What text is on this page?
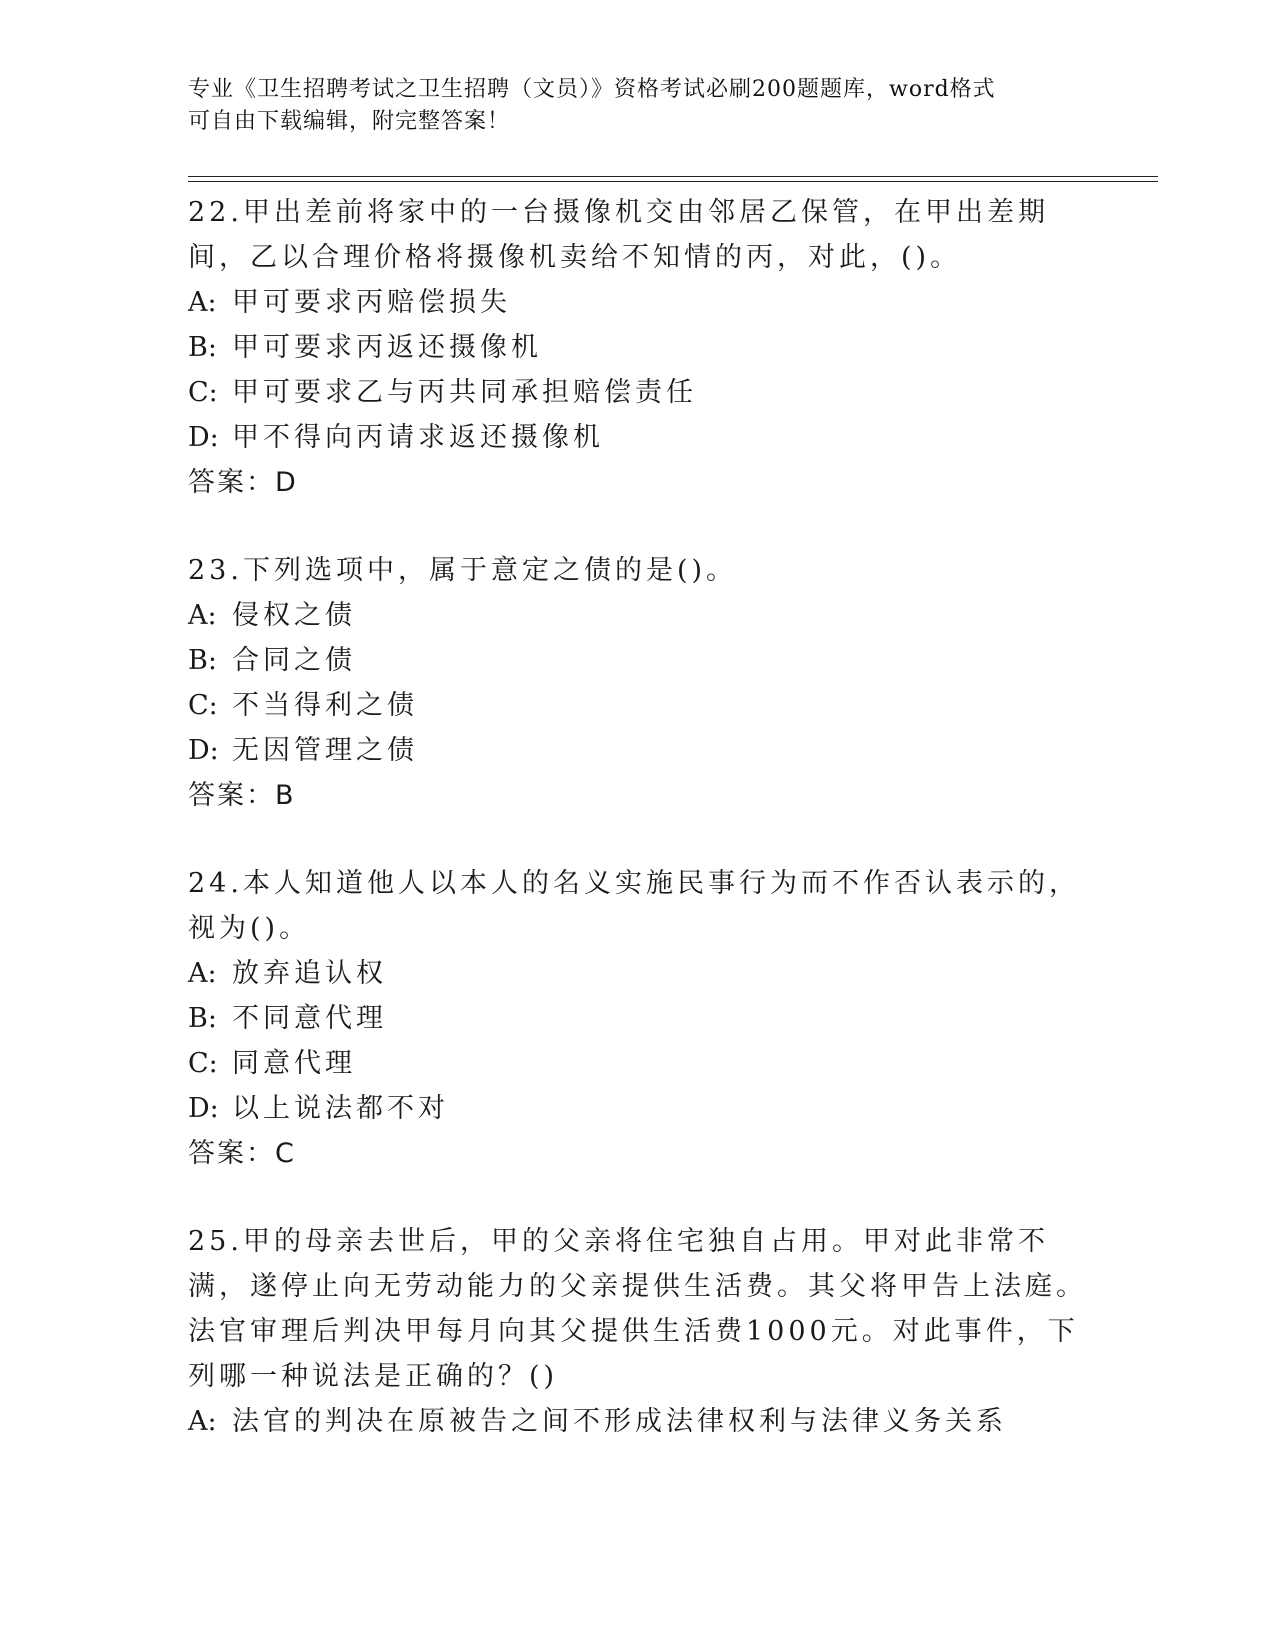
专业《卫生招聘考试之卫生招聘（文员）》资格考试必刷200题题库，word格式
可自由下载编辑，附完整答案！

22.甲出差前将家中的一台摄像机交由邻居乙保管，在甲出差期间，乙以合理价格将摄像机卖给不知情的丙，对此，()。

A: 甲可要求丙赔偿损失

B: 甲可要求丙返还摄像机

C: 甲可要求乙与丙共同承担赔偿责任

D: 甲不得向丙请求返还摄像机

答案：D

23.下列选项中，属于意定之债的是()。

A: 侵权之债

B: 合同之债

C: 不当得利之债

D: 无因管理之债

答案：B

24.本人知道他人以本人的名义实施民事行为而不作否认表示的，视为()。

A: 放弃追认权

B: 不同意代理

C: 同意代理

D: 以上说法都不对

答案：C

25.甲的母亲去世后，甲的父亲将住宅独自占用。甲对此非常不满，遂停止向无劳动能力的父亲提供生活费。其父将甲告上法庭。法官审理后判决甲每月向其父提供生活费1000元。对此事件，下列哪一种说法是正确的？()

A: 法官的判决在原被告之间不形成法律权利与法律义务关系
